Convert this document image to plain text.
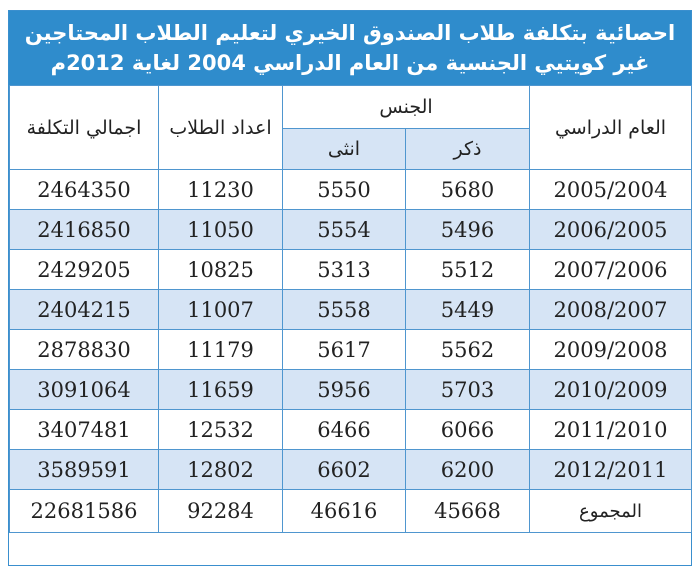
احصائية بتكلفة طلاب الصندوق الخيري لتعليم الطلاب المحتاجين
غير كويتيي الجنسية من العام الدراسي 2004 لغاية 2012م
اجمالي التكلفة	اعداد الطلاب	الجنس		العام الدراسي
		انثى	ذكر	
2464350	11230	5550	5680	2005/2004
2416850	11050	5554	5496	2006/2005
2429205	10825	5313	5512	2007/2006
2404215	11007	5558	5449	2008/2007
2878830	11179	5617	5562	2009/2008
3091064	11659	5956	5703	2010/2009
3407481	12532	6466	6066	2011/2010
3589591	12802	6602	6200	2012/2011
22681586	92284	46616	45668	المجموع
